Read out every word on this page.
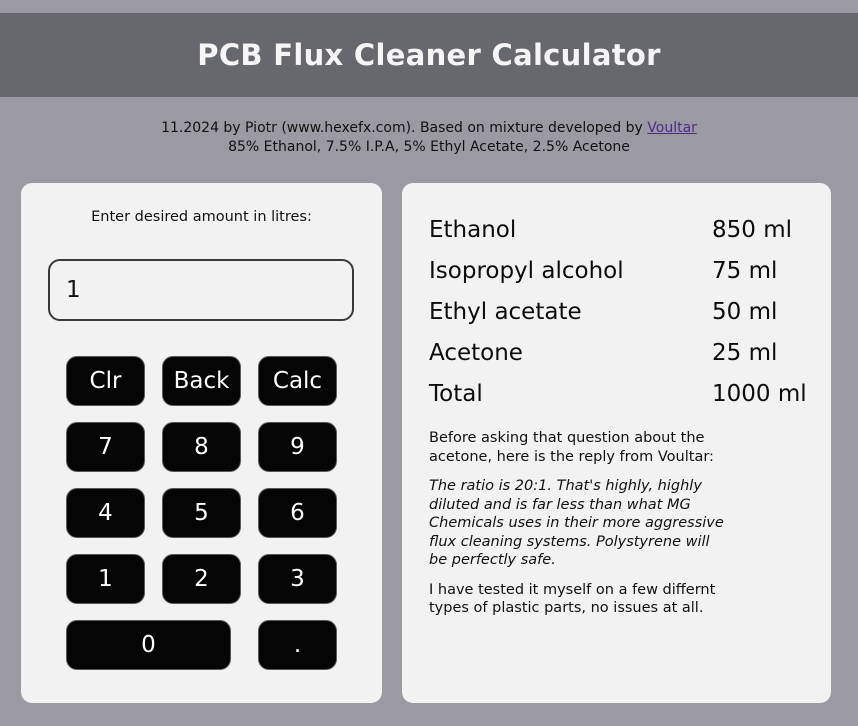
PCB Flux Cleaner Calculator
11.2024 by Piotr (www.hexefx.com). Based on mixture developed by Voultar
85% Ethanol, 7.5% I.P.A, 5% Ethyl Acetate, 2.5% Acetone
Enter desired amount in litres:
1
Clr	Back	Calc
7	8	9
4	5	6
1	2	3
0	.
Ethanol	850 ml
Isopropyl alcohol	75 ml
Ethyl acetate	50 ml
Acetone	25 ml
Total	1000 ml

Before asking that question about the acetone, here is the reply from Voultar:

The ratio is 20:1. That's highly, highly diluted and is far less than what MG Chemicals uses in their more aggressive flux cleaning systems. Polystyrene will be perfectly safe.

I have tested it myself on a few differnt types of plastic parts, no issues at all.
